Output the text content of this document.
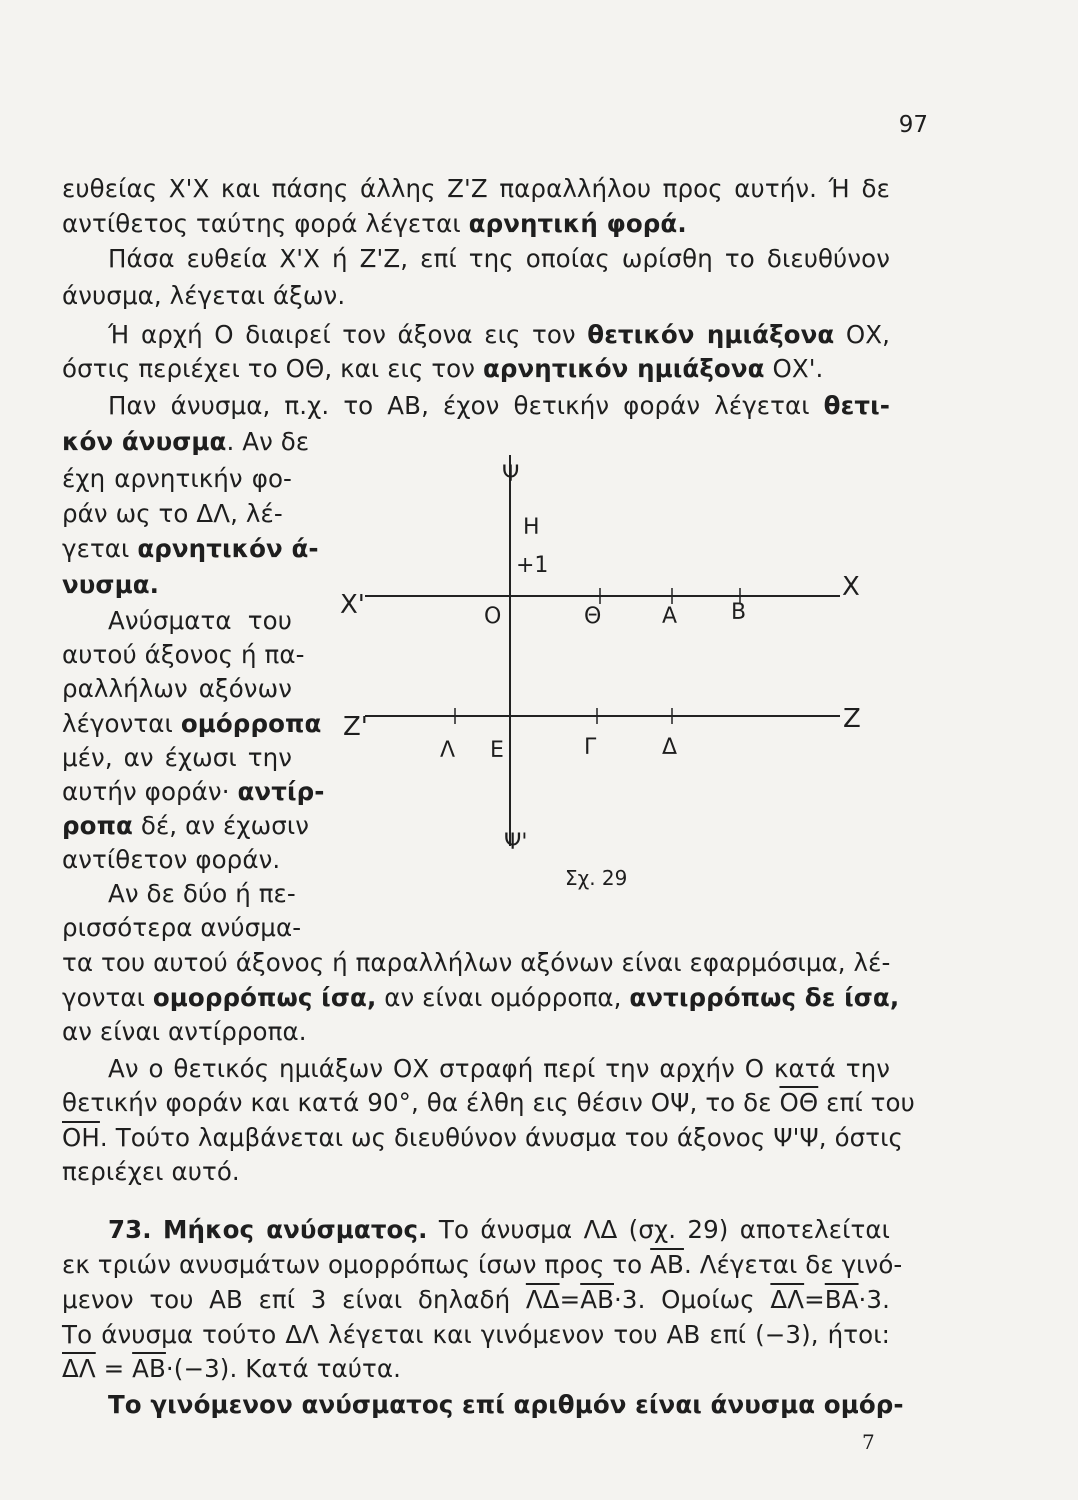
97
ευθείας Χ'Χ και πάσης άλλης Ζ'Ζ παραλλήλου προς αυτήν. Ή δε
αντίθετος ταύτης φορά λέγεται αρνητική φορά.
Πάσα ευθεία Χ'Χ ή Ζ'Ζ, επί της οποίας ωρίσθη το διευθύνον
άνυσμα, λέγεται άξων.
Ή αρχή Ο διαιρεί τον άξονα εις τον θετικόν ημιάξονα ΟΧ,
όστις περιέχει το ΟΘ, και εις τον αρνητικόν ημιάξονα ΟΧ'.
Παν άνυσμα, π.χ. το ΑΒ, έχον θετικήν φοράν λέγεται θετι-
κόν άνυσμα. Αν δε
έχη αρνητικήν φο-
ράν ως το ΔΛ, λέ-
γεται αρνητικόν ά-
νυσμα.
Ανύσματα του
αυτού άξονος ή πα-
ραλλήλων αξόνων
λέγονται ομόρροπα
μέν, αν έχωσι την
αυτήν φοράν· αντίρ-
ροπα δέ, αν έχωσιν
αντίθετον φοράν.
Αν δε δύο ή πε-
ρισσότερα ανύσμα-
τα του αυτού άξονος ή παραλλήλων αξόνων είναι εφαρμόσιμα, λέ-
γονται ομορρόπως ίσα, αν είναι ομόρροπα, αντιρρόπως δε ίσα,
αν είναι αντίρροπα.
Αν ο θετικός ημιάξων ΟΧ στραφή περί την αρχήν Ο κατά την
θετικήν φοράν και κατά 90°, θα έλθη εις θέσιν ΟΨ, το δε $\overline{O\Theta}$ επί του
$\overline{OH}$. Τούτο λαμβάνεται ως διευθύνον άνυσμα του άξονος Ψ'Ψ, όστις
περιέχει αυτό.
73. Μήκος ανύσματος. Το άνυσμα ΛΔ (σχ. 29) αποτελείται
εκ τριών ανυσμάτων ομορρόπως ίσων προς το $\overline{AB}$. Λέγεται δε γινό-
μενον του ΑΒ επί 3 είναι δηλαδή $\overline{\Lambda\Delta}=\overline{AB}\cdot 3$. Ομοίως $\overline{\Delta\Lambda}=\overline{BA}\cdot 3$.
Το άνυσμα τούτο ΔΛ λέγεται και γινόμενον του ΑΒ επί (−3), ήτοι:
$\overline{\Delta\Lambda} = \overline{AB}\cdot(-3)$. Κατά ταύτα.
Το γινόμενον ανύσματος επί αριθμόν είναι άνυσμα ομόρ-
Ψ
Η
+1
Χ'
Χ
Ο	Θ	Α Β
Ζ'	Ζ
Λ Ε	Γ	Δ
Ψ'
Σχ. 29
7
